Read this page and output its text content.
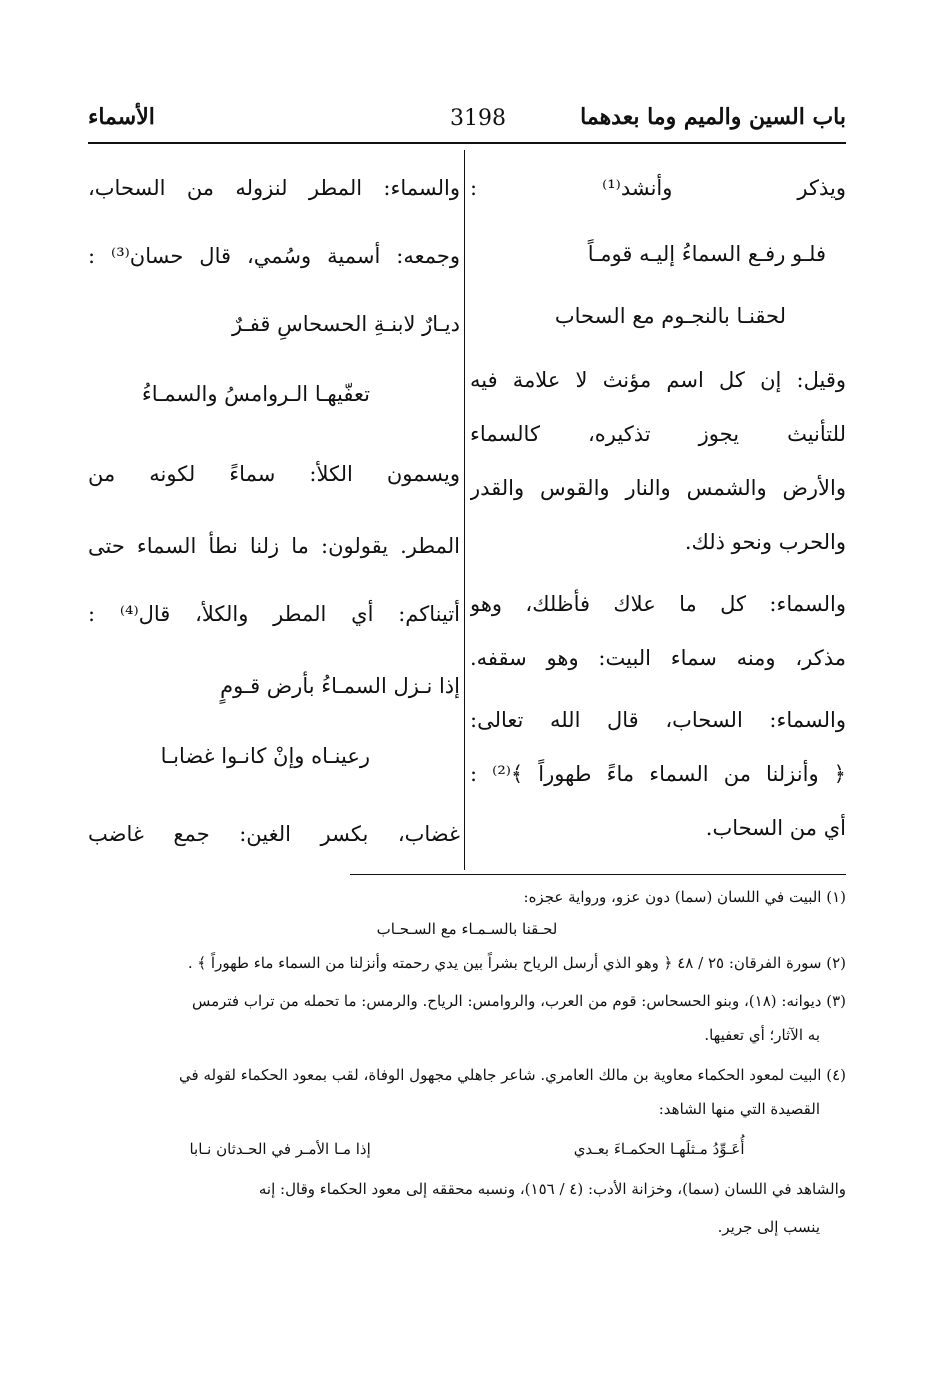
باب السين والميم وما بعدهما
3198
الأسماء
ويذكر وأنشد⁽¹⁾ :
فلـو رفـع السماءُ إليـه قومـاً
لحقنـا بالنجـوم مع السحاب
وقيل: إن كل اسم مؤنث لا علامة فيه
للتأنيث يجوز تذكيره، كالسماء
والأرض والشمس والنار والقوس والقدر
والحرب ونحو ذلك.
والسماء: كل ما علاك فأظلك، وهو
مذكر، ومنه سماء البيت: وهو سقفه.
والسماء: السحاب، قال الله تعالى:
﴿ وأنزلنا من السماء ماءً طهوراً ﴾⁽²⁾ :
أي من السحاب.
والسماء: المطر لنزوله من السحاب،
وجمعه: أسمية وسُمي، قال حسان⁽³⁾ :
ديـارٌ لابنـةِ الحسحاسِ قفـرٌ
تعفّيهـا الـروامسُ والسمـاءُ
ويسمون الكلأ: سماءً لكونه من
المطر. يقولون: ما زلنا نطأ السماء حتى
أتيناكم: أي المطر والكلأ، قال⁽⁴⁾ :
إذا نـزل السمـاءُ بأرض قـومٍ
رعينـاه وإنْ كانـوا غضابـا
غضاب، بكسر الغين: جمع غاضب
(١) البيت في اللسان (سما) دون عزو، ورواية عجزه:
لحـقنا بالسـمـاء مع السـحـاب
(٢) سورة الفرقان: ٢٥ / ٤٨ ﴿ وهو الذي أرسل الرياح بشراً بين يدي رحمته وأنزلنا من السماء ماء طهوراً ﴾ .
(٣) ديوانه: (١٨)، وبنو الحسحاس: قوم من العرب، والروامس: الرياح. والرمس: ما تحمله من تراب فترمس
به الآثار؛ أي تعفيها.
(٤) البيت لمعود الحكماء معاوية بن مالك العامري. شاعر جاهلي مجهول الوفاة، لقب بمعود الحكماء لقوله في
القصيدة التي منها الشاهد:
أُعَـوِّدُ مـثلَهـا الحكمـاءَ بعـدي
إذا مـا الأمـر في الحـدثان نـابا
والشاهد في اللسان (سما)، وخزانة الأدب: (٤ / ١٥٦)، ونسبه محققه إلى معود الحكماء وقال: إنه
ينسب إلى جرير.
